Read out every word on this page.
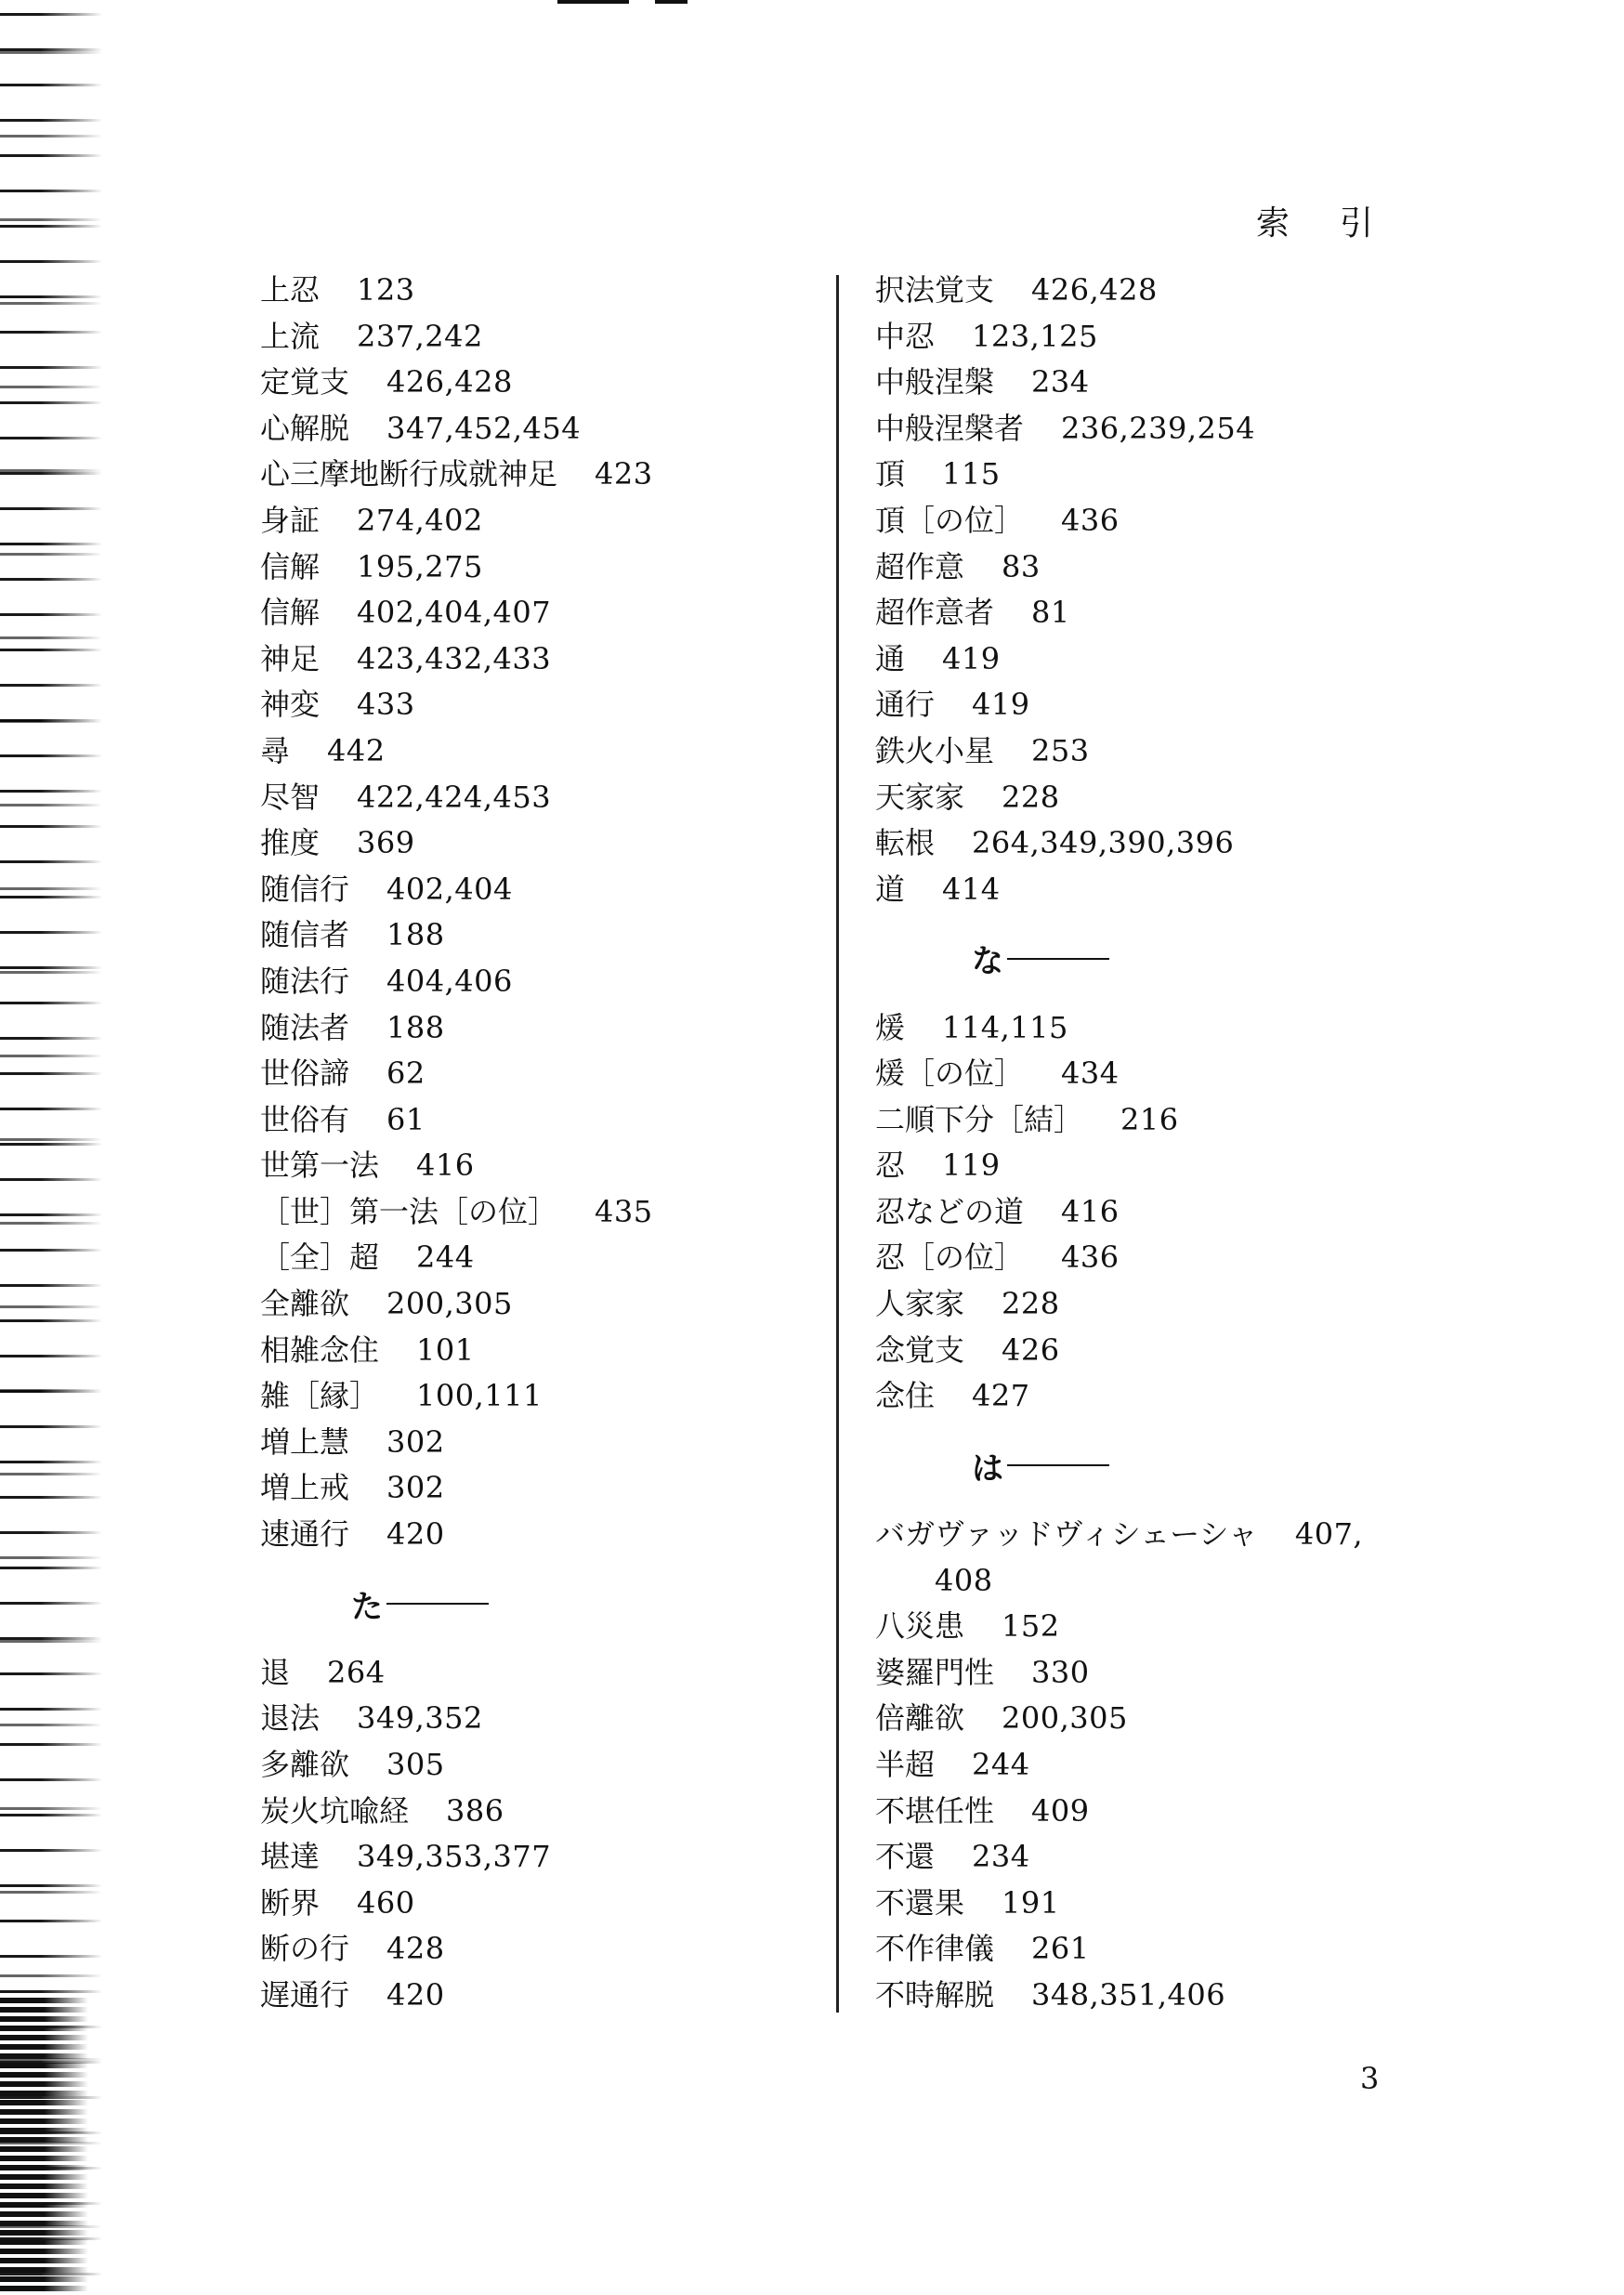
索引
上忍 123
上流 237,242
定覚支 426,428
心解脱 347,452,454
心三摩地断行成就神足 423
身証 274,402
信解 195,275
信解 402,404,407
神足 423,432,433
神変 433
尋 442
尽智 422,424,453
推度 369
随信行 402,404
随信者 188
随法行 404,406
随法者 188
世俗諦 62
世俗有 61
世第一法 416
［世］第一法［の位］ 435
［全］超 244
全離欲 200,305
相雑念住 101
雑［縁］ 100,111
増上慧 302
増上戒 302
速通行 420
た
退 264
退法 349,352
多離欲 305
炭火坑喩経 386
堪達 349,353,377
断界 460
断の行 428
遅通行 420
択法覚支 426,428
中忍 123,125
中般涅槃 234
中般涅槃者 236,239,254
頂 115
頂［の位］ 436
超作意 83
超作意者 81
通 419
通行 419
鉄火小星 253
天家家 228
転根 264,349,390,396
道 414
な
煖 114,115
煖［の位］ 434
二順下分［結］ 216
忍 119
忍などの道 416
忍［の位］ 436
人家家 228
念覚支 426
念住 427
は
バガヴァッドヴィシェーシャ 407,
408
八災患 152
婆羅門性 330
倍離欲 200,305
半超 244
不堪任性 409
不還 234
不還果 191
不作律儀 261
不時解脱 348,351,406
3
